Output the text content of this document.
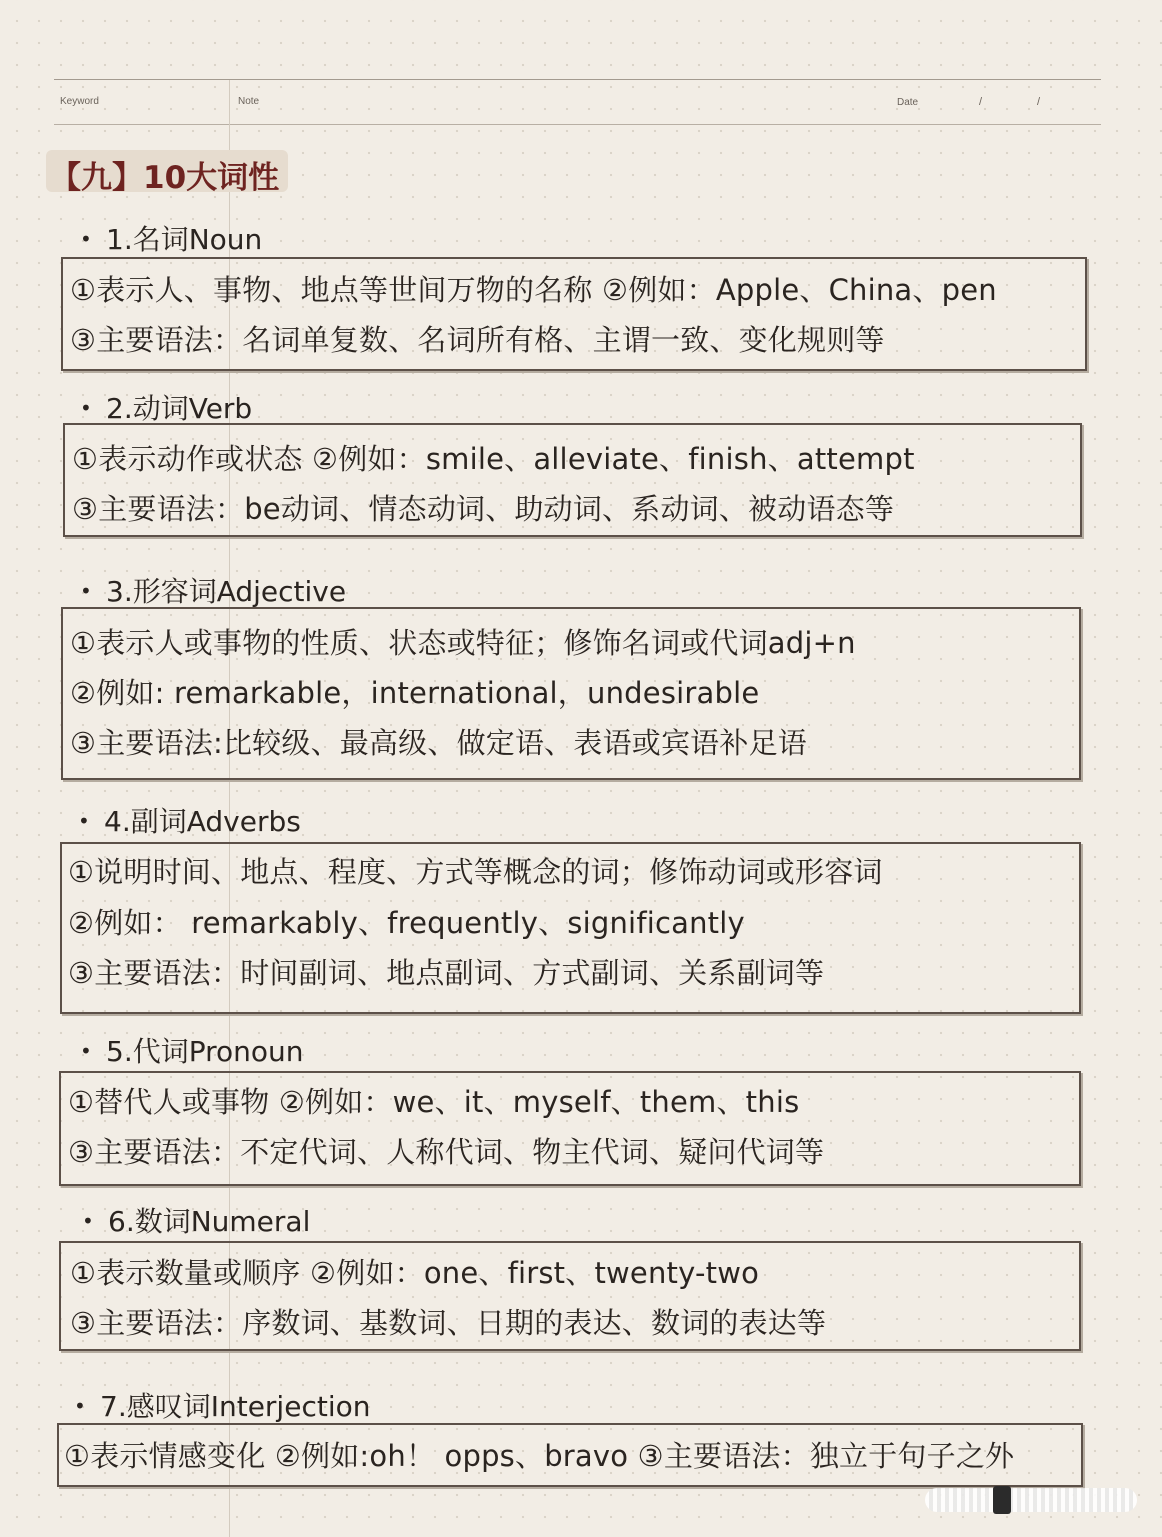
Keyword	Note	Date	/	/
【九】10大词性
• 1.名词Noun
①表示人、事物、地点等世间万物的名称 ②例如：Apple、China、pen
③主要语法：名词单复数、名词所有格、主谓一致、变化规则等
• 2.动词Verb
①表示动作或状态 ②例如：smile、alleviate、finish、attempt
③主要语法：be动词、情态动词、助动词、系动词、被动语态等
• 3.形容词Adjective
①表示人或事物的性质、状态或特征；修饰名词或代词adj+n
②例如: remarkable，international，undesirable
③主要语法:比较级、最高级、做定语、表语或宾语补足语
• 4.副词Adverbs
①说明时间、地点、程度、方式等概念的词；修饰动词或形容词
②例如： remarkably、frequently、significantly
③主要语法：时间副词、地点副词、方式副词、关系副词等
• 5.代词Pronoun
①替代人或事物 ②例如：we、it、myself、them、this
③主要语法：不定代词、人称代词、物主代词、疑问代词等
• 6.数词Numeral
①表示数量或顺序 ②例如：one、first、twenty-two
③主要语法：序数词、基数词、日期的表达、数词的表达等
• 7.感叹词Interjection
①表示情感变化 ②例如:oh！ opps、bravo ③主要语法：独立于句子之外
